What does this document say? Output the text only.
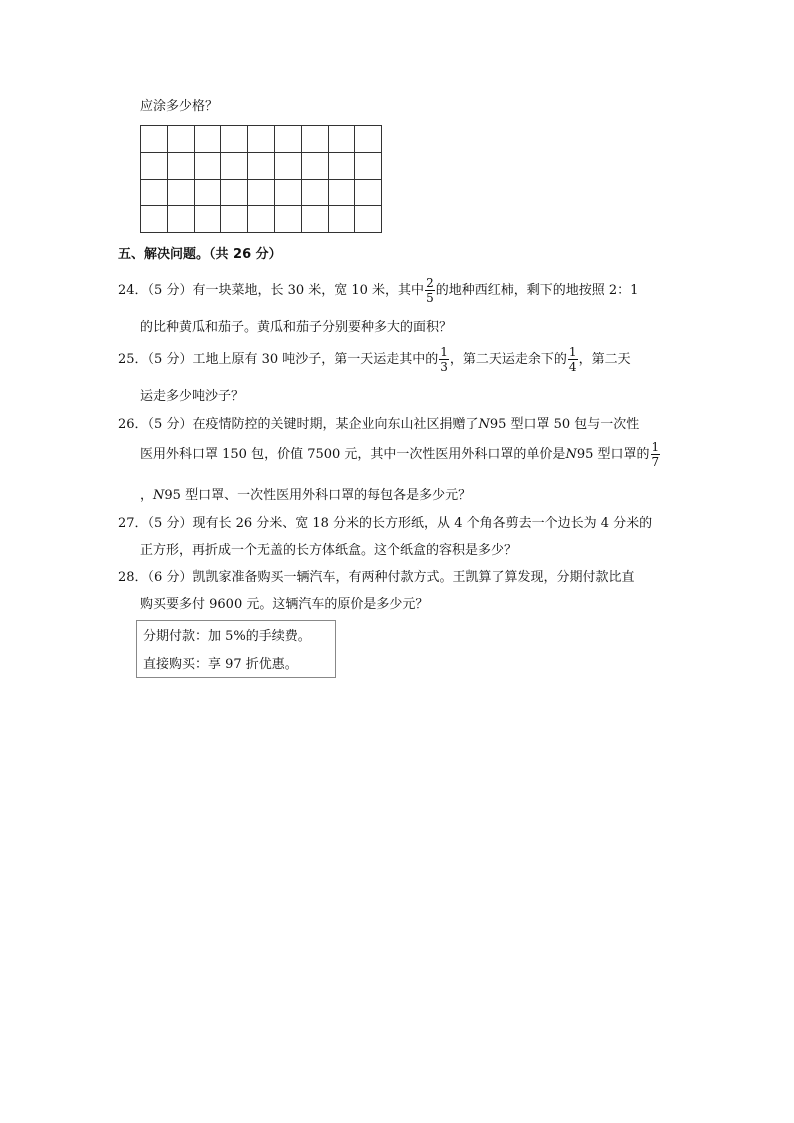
应涂多少格？

五、解决问题。（共 26 分）
24．（5 分）有一块菜地，长 30 米，宽 10 米，其中 $\frac{2}{5}$ 的地种西红柿，剩下的地按照 2：1
的比种黄瓜和茄子。黄瓜和茄子分别要种多大的面积？
25．（5 分）工地上原有 30 吨沙子，第一天运走其中的 $\frac{1}{3}$ ，第二天运走余下的 $\frac{1}{4}$ ，第二天
运走多少吨沙子？
26．（5 分）在疫情防控的关键时期，某企业向东山社区捐赠了N95 型口罩 50 包与一次性
医用外科口罩 150 包，价值 7500 元，其中一次性医用外科口罩的单价是N95 型口罩的 $\frac{1}{7}$
，N95 型口罩、一次性医用外科口罩的每包各是多少元？
27．（5 分）现有长 26 分米、宽 18 分米的长方形纸，从 4 个角各剪去一个边长为 4 分米的
正方形，再折成一个无盖的长方体纸盒。这个纸盒的容积是多少？
28．（6 分）凯凯家准备购买一辆汽车，有两种付款方式。王凯算了算发现，分期付款比直
购买要多付 9600 元。这辆汽车的原价是多少元？
分期付款：加 5%的手续费。
直接购买：享 97 折优惠。
